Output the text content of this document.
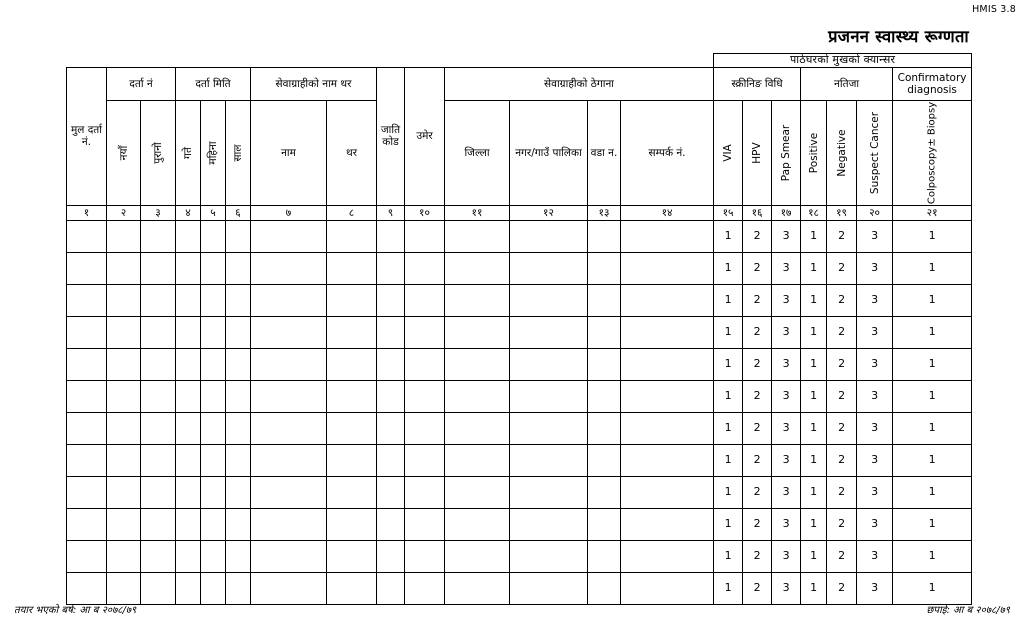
HMIS 3.8
प्रजनन स्वास्थ्य रूग्णता
														पाठेघरको मुखको क्यान्सर						
मुल दर्ता नं.	दर्ता नं		दर्ता मिति			सेवाग्राहीको नाम थर		जाति कोड	उमेर	सेवाग्राहीको ठेगाना				स्क्रीनिङ विधि			नतिजा			Confirmatory diagnosis

	नयाँ	पुरानो	गते	महिना	साल	नाम	थर			जिल्ला	नगर/गाउँ पालिका	वडा न.	सम्पर्क नं.	VIA	HPV	Pap Smear	Positive	Negative	Suspect Cancer	Colposcopy± Biopsy

१	२	३	४	५	६	७	८	९	१०	११	१२	१३	१४	१५	१६	१७	१८	१९	२०	२१
														1	2	3	1	2	3	1
														1	2	3	1	2	3	1
														1	2	3	1	2	3	1
														1	2	3	1	2	3	1
														1	2	3	1	2	3	1
														1	2	3	1	2	3	1
														1	2	3	1	2	3	1
														1	2	3	1	2	3	1
														1	2	3	1	2	3	1
														1	2	3	1	2	3	1
														1	2	3	1	2	3	1
														1	2	3	1	2	3	1
तयार भएको बर्ष: आ ब २०७८/७९	छपाई: आ ब २०७८/७९
